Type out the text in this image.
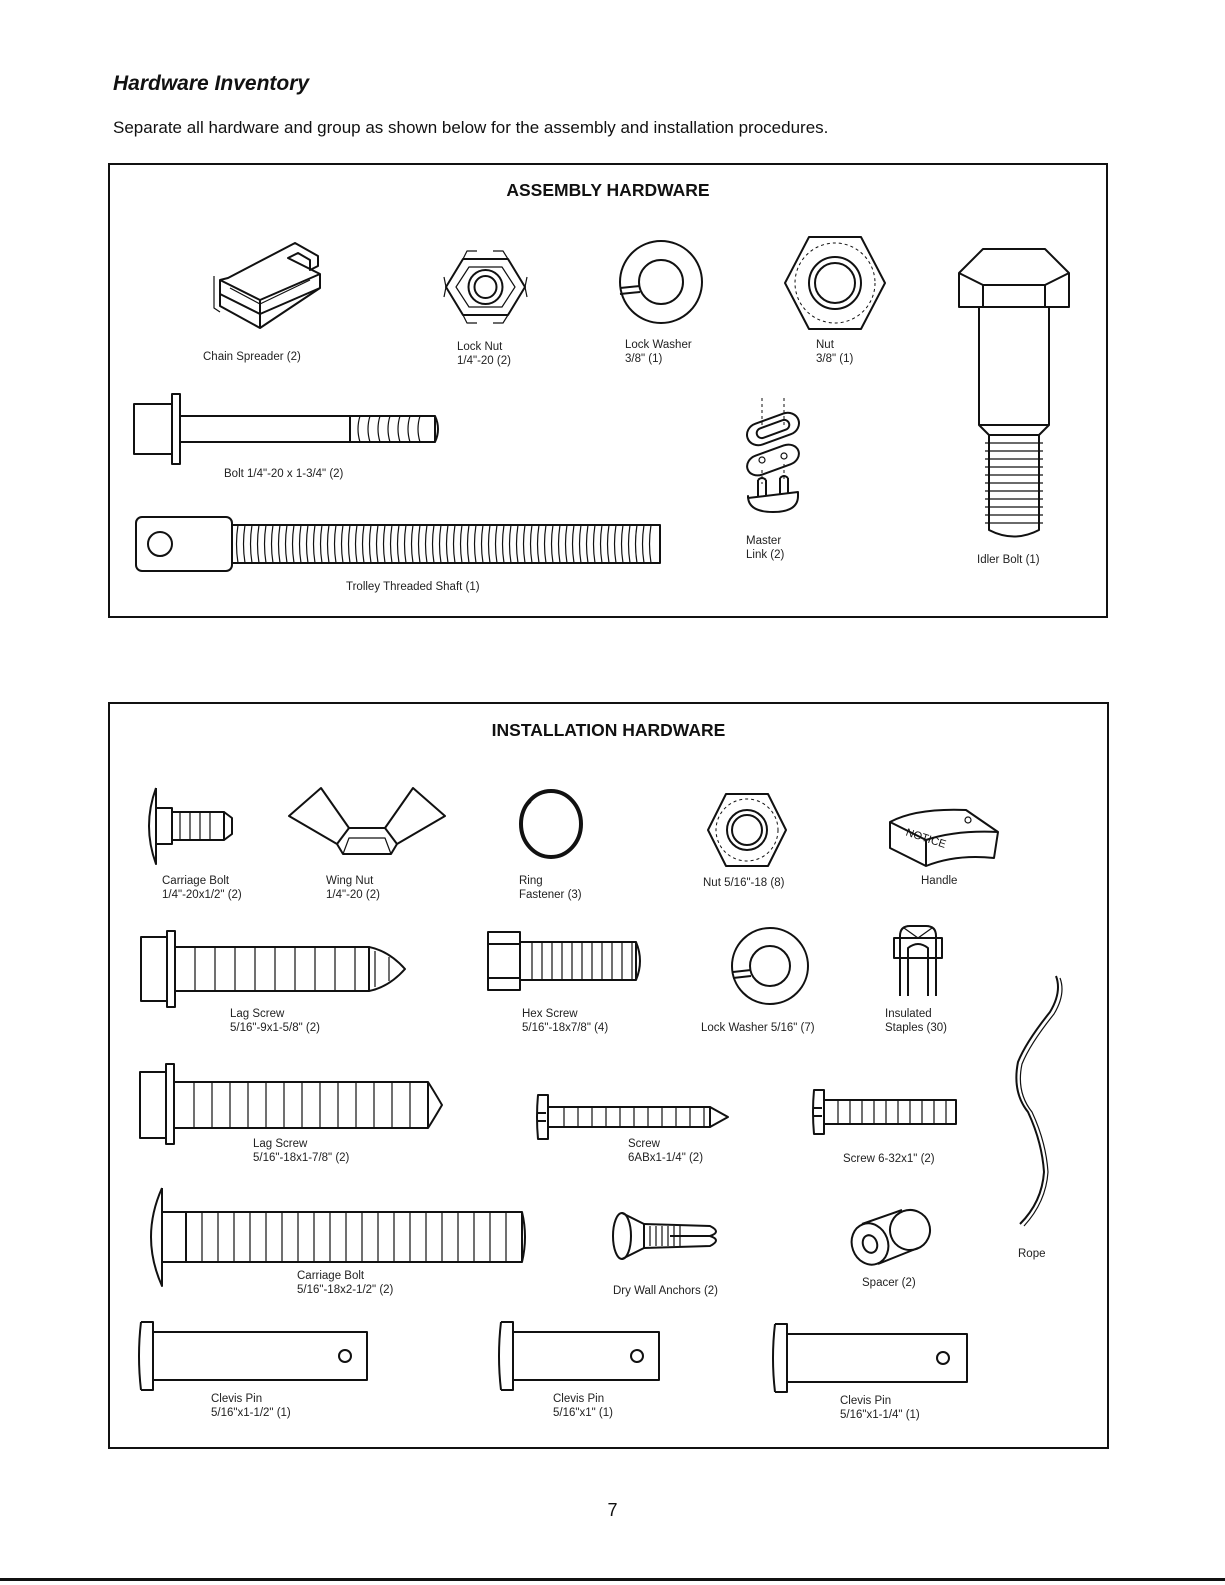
Hardware Inventory

Separate all hardware and group as shown below for the assembly and installation procedures.

ASSEMBLY HARDWARE
Chain Spreader (2)
Lock Nut
1/4"-20 (2)
Lock Washer
3/8" (1)
Nut
3/8" (1)
Bolt 1/4"-20 x 1-3/4" (2)
Master
Link (2)	Idler Bolt (1)
Trolley Threaded Shaft (1)
INSTALLATION HARDWARE
Carriage Bolt
1/4"-20x1/2" (2)
Wing Nut
1/4"-20 (2)
Ring
Fastener (3)
Nut 5/16"-18 (8)
NOTICE
Handle
Lag Screw
5/16"-9x1-5/8" (2)
Hex Screw
5/16"-18x7/8" (4)	Lock Washer 5/16" (7)
Insulated
Staples (30)
Rope
Lag Screw
5/16"-18x1-7/8" (2)
Screw
6ABx1-1/4" (2)	Screw 6-32x1" (2)
Carriage Bolt
5/16"-18x2-1/2" (2)	Dry Wall Anchors (2)
Spacer (2)
Clevis Pin
5/16"x1-1/2" (1)
Clevis Pin
5/16"x1" (1)
Clevis Pin
5/16"x1-1/4" (1)
7
